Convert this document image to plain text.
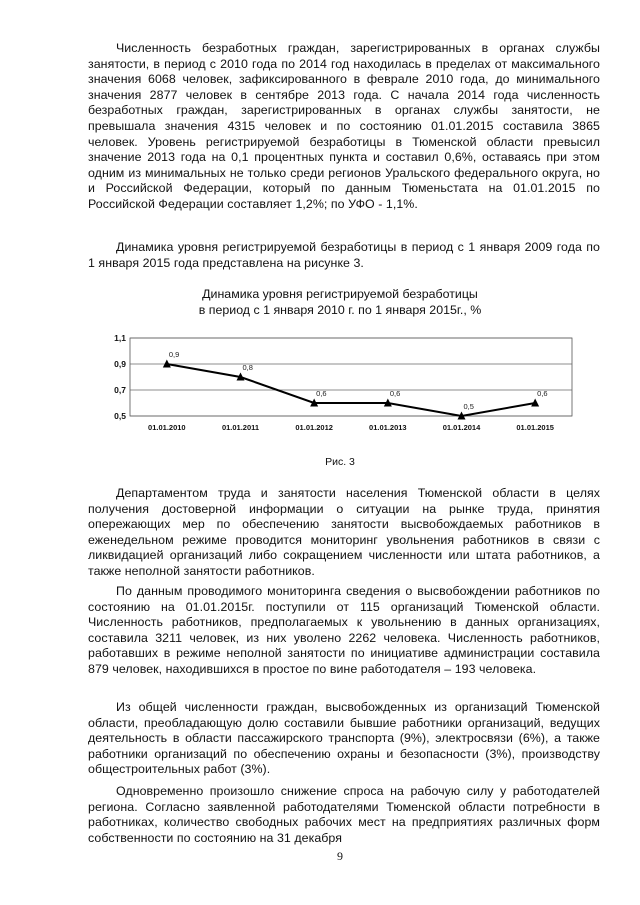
Численность безработных граждан, зарегистрированных в органах службы занятости, в период с 2010 года по 2014 год находилась в пределах от максимального значения 6068 человек, зафиксированного в феврале 2010 года, до минимального значения 2877 человек в сентябре 2013 года. С начала 2014 года численность безработных граждан, зарегистрированных в органах службы занятости, не превышала значения 4315 человек и по состоянию 01.01.2015 составила 3865 человек. Уровень регистрируемой безработицы в Тюменской области превысил значение 2013 года на 0,1 процентных пункта и составил 0,6%, оставаясь при этом одним из минимальных не только среди регионов Уральского федерального округа, но и Российской Федерации, который по данным Тюменьстата на 01.01.2015 по Российской Федерации составляет 1,2%; по УФО - 1,1%.

Динамика уровня регистрируемой безработицы в период с 1 января 2009 года по 1 января 2015 года представлена на рисунке 3.

Динамика уровня регистрируемой безработицы
в период с 1 января 2010 г. по 1 января 2015г., %

0,5
0,7
0,9
1,1
01.01.2010	01.01.2011	01.01.2012	01.01.2013	01.01.2014	01.01.2015
0,9
0,8
0,6	0,6
0,5
0,6

Рис. 3

Департаментом труда и занятости населения Тюменской области в целях получения достоверной информации о ситуации на рынке труда, принятия опережающих мер по обеспечению занятости высвобождаемых работников в еженедельном режиме проводится мониторинг увольнения работников в связи с ликвидацией организаций либо сокращением численности или штата работников, а также неполной занятости работников.

По данным проводимого мониторинга сведения о высвобождении работников по состоянию на 01.01.2015г. поступили от 115 организаций Тюменской области. Численность работников, предполагаемых к увольнению в данных организациях, составила 3211 человек, из них уволено 2262 человека. Численность работников, работавших в режиме неполной занятости по инициативе администрации составила 879 человек, находившихся в простое по вине работодателя – 193 человека.

Из общей численности граждан, высвобожденных из организаций Тюменской области, преобладающую долю составили бывшие работники организаций, ведущих деятельность в области пассажирского транспорта (9%), электросвязи (6%), а также работники организаций по обеспечению охраны и безопасности (3%), производству общестроительных работ (3%).

Одновременно произошло снижение спроса на рабочую силу у работодателей региона. Согласно заявленной работодателями Тюменской области потребности в работниках, количество свободных рабочих мест на предприятиях различных форм собственности по состоянию на 31 декабря

9
